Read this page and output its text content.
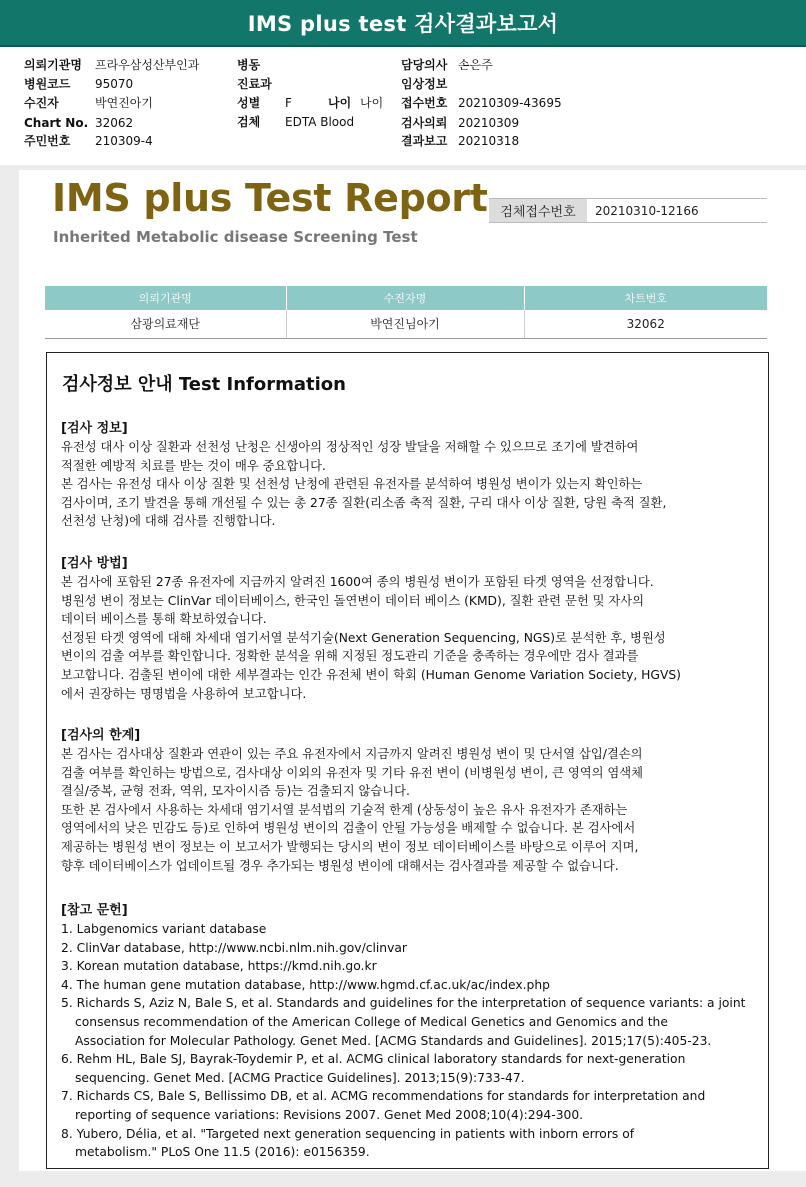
IMS plus test 검사결과보고서
의뢰기관명 프라우삼성산부인과
병원코드 95070
수진자	박연진아기
Chart No. 32062
주민번호 210309-4
병동
진료과
성별 F	나이 나이
검체 EDTA Blood
담당의사 손은주
임상정보
접수번호 20210309-43695
검사의뢰 20210309
결과보고 20210318
IMS plus Test Report
Inherited Metabolic disease Screening Test
검체접수번호	20210310-12166
의뢰기관명	수진자명	차트번호
삼광의료재단	박연진님아기	32062
검사정보 안내 Test Information
[검사 정보]

유전성 대사 이상 질환과 선천성 난청은 신생아의 정상적인 성장 발달을 저해할 수 있으므로 조기에 발견하여

적절한 예방적 치료를 받는 것이 매우 중요합니다.

본 검사는 유전성 대사 이상 질환 및 선천성 난청에 관련된 유전자를 분석하여 병원성 변이가 있는지 확인하는

검사이며, 조기 발견을 통해 개선될 수 있는 총 27종 질환(리소좀 축적 질환, 구리 대사 이상 질환, 당원 축적 질환,

선천성 난청)에 대해 검사를 진행합니다.

[검사 방법]

본 검사에 포함된 27종 유전자에 지금까지 알려진 1600여 종의 병원성 변이가 포함된 타겟 영역을 선정합니다.

병원성 변이 정보는 ClinVar 데이터베이스, 한국인 돌연변이 데이터 베이스 (KMD), 질환 관련 문헌 및 자사의

데이터 베이스를 통해 확보하였습니다.

선정된 타겟 영역에 대해 차세대 염기서열 분석기술(Next Generation Sequencing, NGS)로 분석한 후, 병원성

변이의 검출 여부를 확인합니다. 정확한 분석을 위해 지정된 정도관리 기준을 충족하는 경우에만 검사 결과를

보고합니다. 검출된 변이에 대한 세부결과는 인간 유전체 변이 학회 (Human Genome Variation Society, HGVS)

에서 권장하는 명명법을 사용하여 보고합니다.

[검사의 한계]

본 검사는 검사대상 질환과 연관이 있는 주요 유전자에서 지금까지 알려진 병원성 변이 및 단서열 삽입/결손의

검출 여부를 확인하는 방법으로, 검사대상 이외의 유전자 및 기타 유전 변이 (비병원성 변이, 큰 영역의 염색체

결실/중복, 균형 전좌, 역위, 모자이시즘 등)는 검출되지 않습니다.

또한 본 검사에서 사용하는 차세대 염기서열 분석법의 기술적 한계 (상동성이 높은 유사 유전자가 존재하는

영역에서의 낮은 민감도 등)로 인하여 병원성 변이의 검출이 안될 가능성을 배제할 수 없습니다. 본 검사에서

제공하는 병원성 변이 정보는 이 보고서가 발행되는 당시의 변이 정보 데이터베이스를 바탕으로 이루어 지며,

향후 데이터베이스가 업데이트될 경우 추가되는 병원성 변이에 대해서는 검사결과를 제공할 수 없습니다.

[참고 문헌]
1. Labgenomics variant database
2. ClinVar database, http://www.ncbi.nlm.nih.gov/clinvar
3. Korean mutation database, https://kmd.nih.go.kr
4. The human gene mutation database, http://www.hgmd.cf.ac.uk/ac/index.php
5. Richards S, Aziz N, Bale S, et al. Standards and guidelines for the interpretation of sequence variants: a joint
consensus recommendation of the American College of Medical Genetics and Genomics and the
Association for Molecular Pathology. Genet Med. [ACMG Standards and Guidelines]. 2015;17(5):405-23.
6. Rehm HL, Bale SJ, Bayrak-Toydemir P, et al. ACMG clinical laboratory standards for next-generation
sequencing. Genet Med. [ACMG Practice Guidelines]. 2013;15(9):733-47.
7. Richards CS, Bale S, Bellissimo DB, et al. ACMG recommendations for standards for interpretation and
reporting of sequence variations: Revisions 2007. Genet Med 2008;10(4):294-300.
8. Yubero, Délia, et al. "Targeted next generation sequencing in patients with inborn errors of
metabolism." PLoS One 11.5 (2016): e0156359.
